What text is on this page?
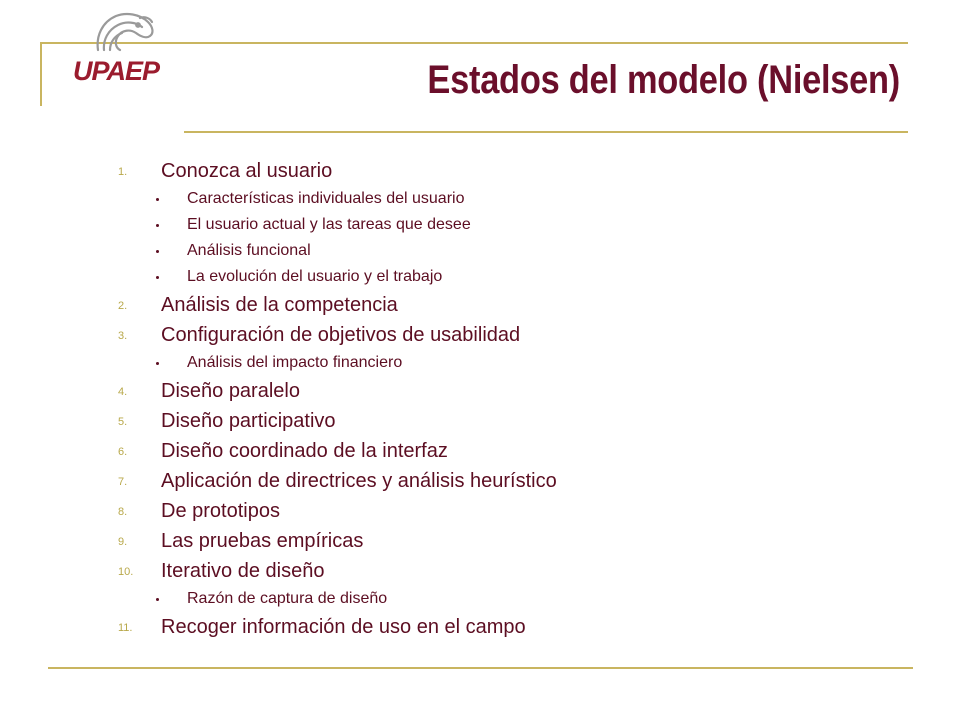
UPAEP	Estados del modelo (Nielsen)
1. Conozca al usuario
Características individuales del usuario
El usuario actual y las tareas que desee
Análisis funcional
La evolución del usuario y el trabajo
2. Análisis de la competencia
3. Configuración de objetivos de usabilidad
Análisis del impacto financiero
4. Diseño paralelo
5. Diseño participativo
6. Diseño coordinado de la interfaz
7. Aplicación de directrices y análisis heurístico
8. De prototipos
9. Las pruebas empíricas
10. Iterativo de diseño
Razón de captura de diseño
11. Recoger información de uso en el campo
